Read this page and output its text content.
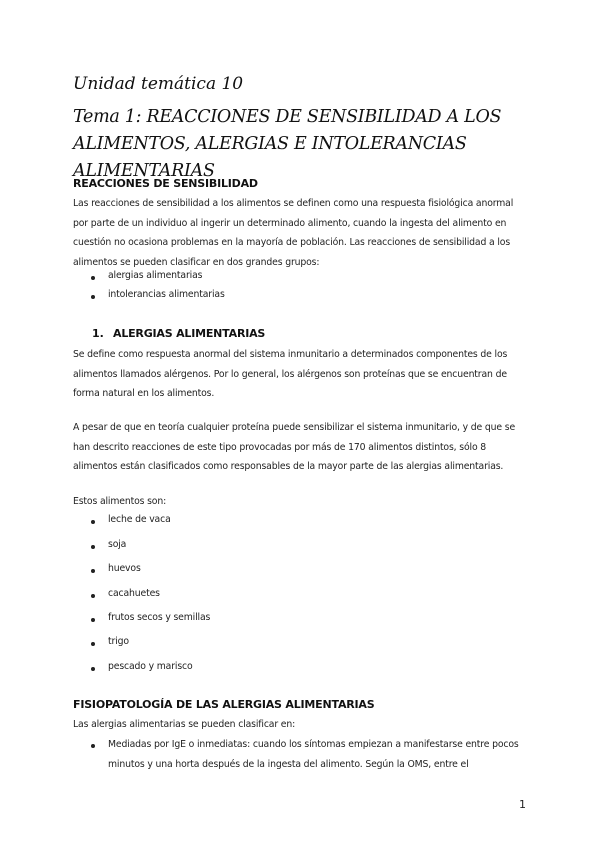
Unidad temática 10
Tema 1: REACCIONES DE SENSIBILIDAD A LOS ALIMENTOS, ALERGIAS E INTOLERANCIAS ALIMENTARIAS
REACCIONES DE SENSIBILIDAD
Las reacciones de sensibilidad a los alimentos se definen como una respuesta fisiológica anormal por parte de un individuo al ingerir un determinado alimento, cuando la ingesta del alimento en cuestión no ocasiona problemas en la mayoría de población. Las reacciones de sensibilidad a los alimentos se pueden clasificar en dos grandes grupos:
alergias alimentarias
intolerancias alimentarias
1. ALERGIAS ALIMENTARIAS
Se define como respuesta anormal del sistema inmunitario a determinados componentes de los alimentos llamados alérgenos. Por lo general, los alérgenos son proteínas que se encuentran de forma natural en los alimentos.
A pesar de que en teoría cualquier proteína puede sensibilizar el sistema inmunitario, y de que se han descrito reacciones de este tipo provocadas por más de 170 alimentos distintos, sólo 8 alimentos están clasificados como responsables de la mayor parte de las alergias alimentarias.
Estos alimentos son:
leche de vaca
soja
huevos
cacahuetes
frutos secos y semillas
trigo
pescado y marisco
FISIOPATOLOGÍA DE LAS ALERGIAS ALIMENTARIAS
Las alergias alimentarias se pueden clasificar en:
Mediadas por IgE o inmediatas: cuando los síntomas empiezan a manifestarse entre pocos minutos y una horta después de la ingesta del alimento. Según la OMS, entre el
1
